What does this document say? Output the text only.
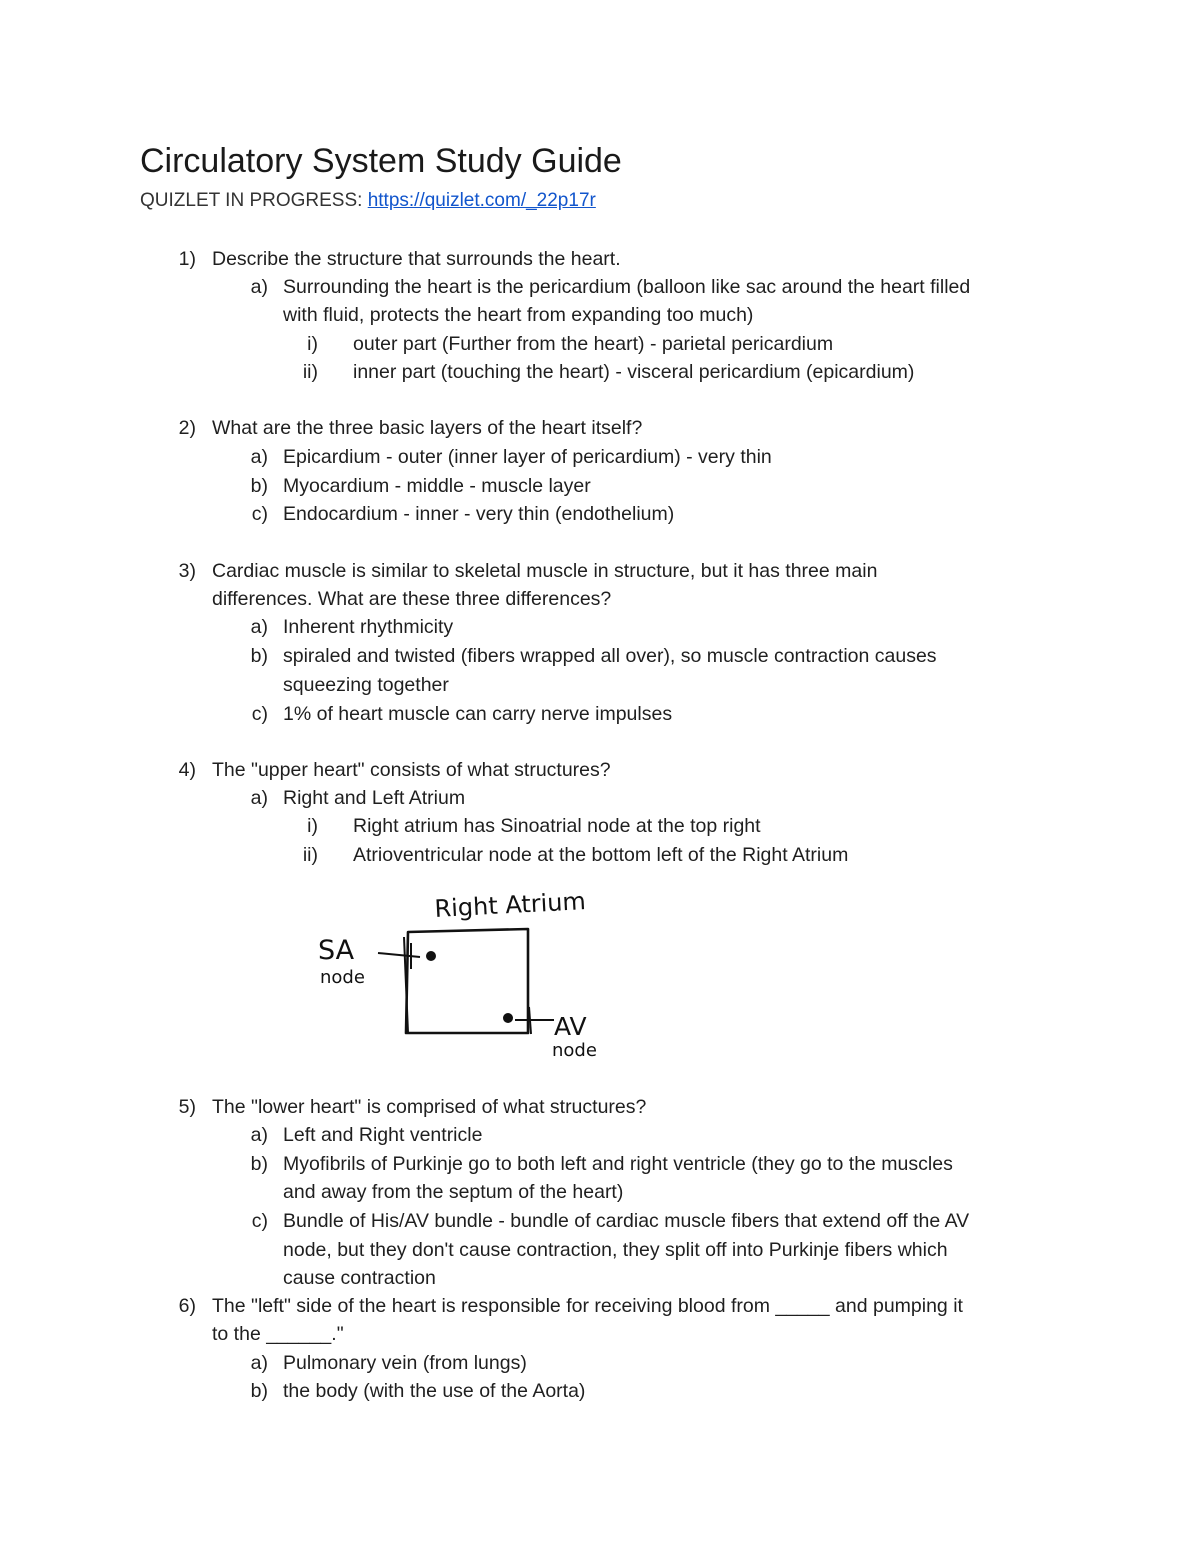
Circulatory System Study Guide
QUIZLET IN PROGRESS: https://quizlet.com/_22p17r
1) Describe the structure that surrounds the heart.
a) Surrounding the heart is the pericardium (balloon like sac around the heart filled
with fluid, protects the heart from expanding too much)
i) outer part (Further from the heart) - parietal pericardium
ii) inner part (touching the heart) - visceral pericardium (epicardium)
2) What are the three basic layers of the heart itself?
a) Epicardium - outer (inner layer of pericardium) - very thin
b) Myocardium - middle - muscle layer
c) Endocardium - inner - very thin (endothelium)
3) Cardiac muscle is similar to skeletal muscle in structure, but it has three main
differences. What are these three differences?
a) Inherent rhythmicity
b) spiraled and twisted (fibers wrapped all over), so muscle contraction causes
squeezing together
c) 1% of heart muscle can carry nerve impulses
4) The "upper heart" consists of what structures?
a) Right and Left Atrium
i) Right atrium has Sinoatrial node at the top right
ii) Atrioventricular node at the bottom left of the Right Atrium
Right Atrium
SA
node
AV
node
5) The "lower heart" is comprised of what structures?
a) Left and Right ventricle
b) Myofibrils of Purkinje go to both left and right ventricle (they go to the muscles
and away from the septum of the heart)
c) Bundle of His/AV bundle - bundle of cardiac muscle fibers that extend off the AV
node, but they don't cause contraction, they split off into Purkinje fibers which
cause contraction
6) The "left" side of the heart is responsible for receiving blood from _____ and pumping it
to the ______."
a) Pulmonary vein (from lungs)
b) the body (with the use of the Aorta)
